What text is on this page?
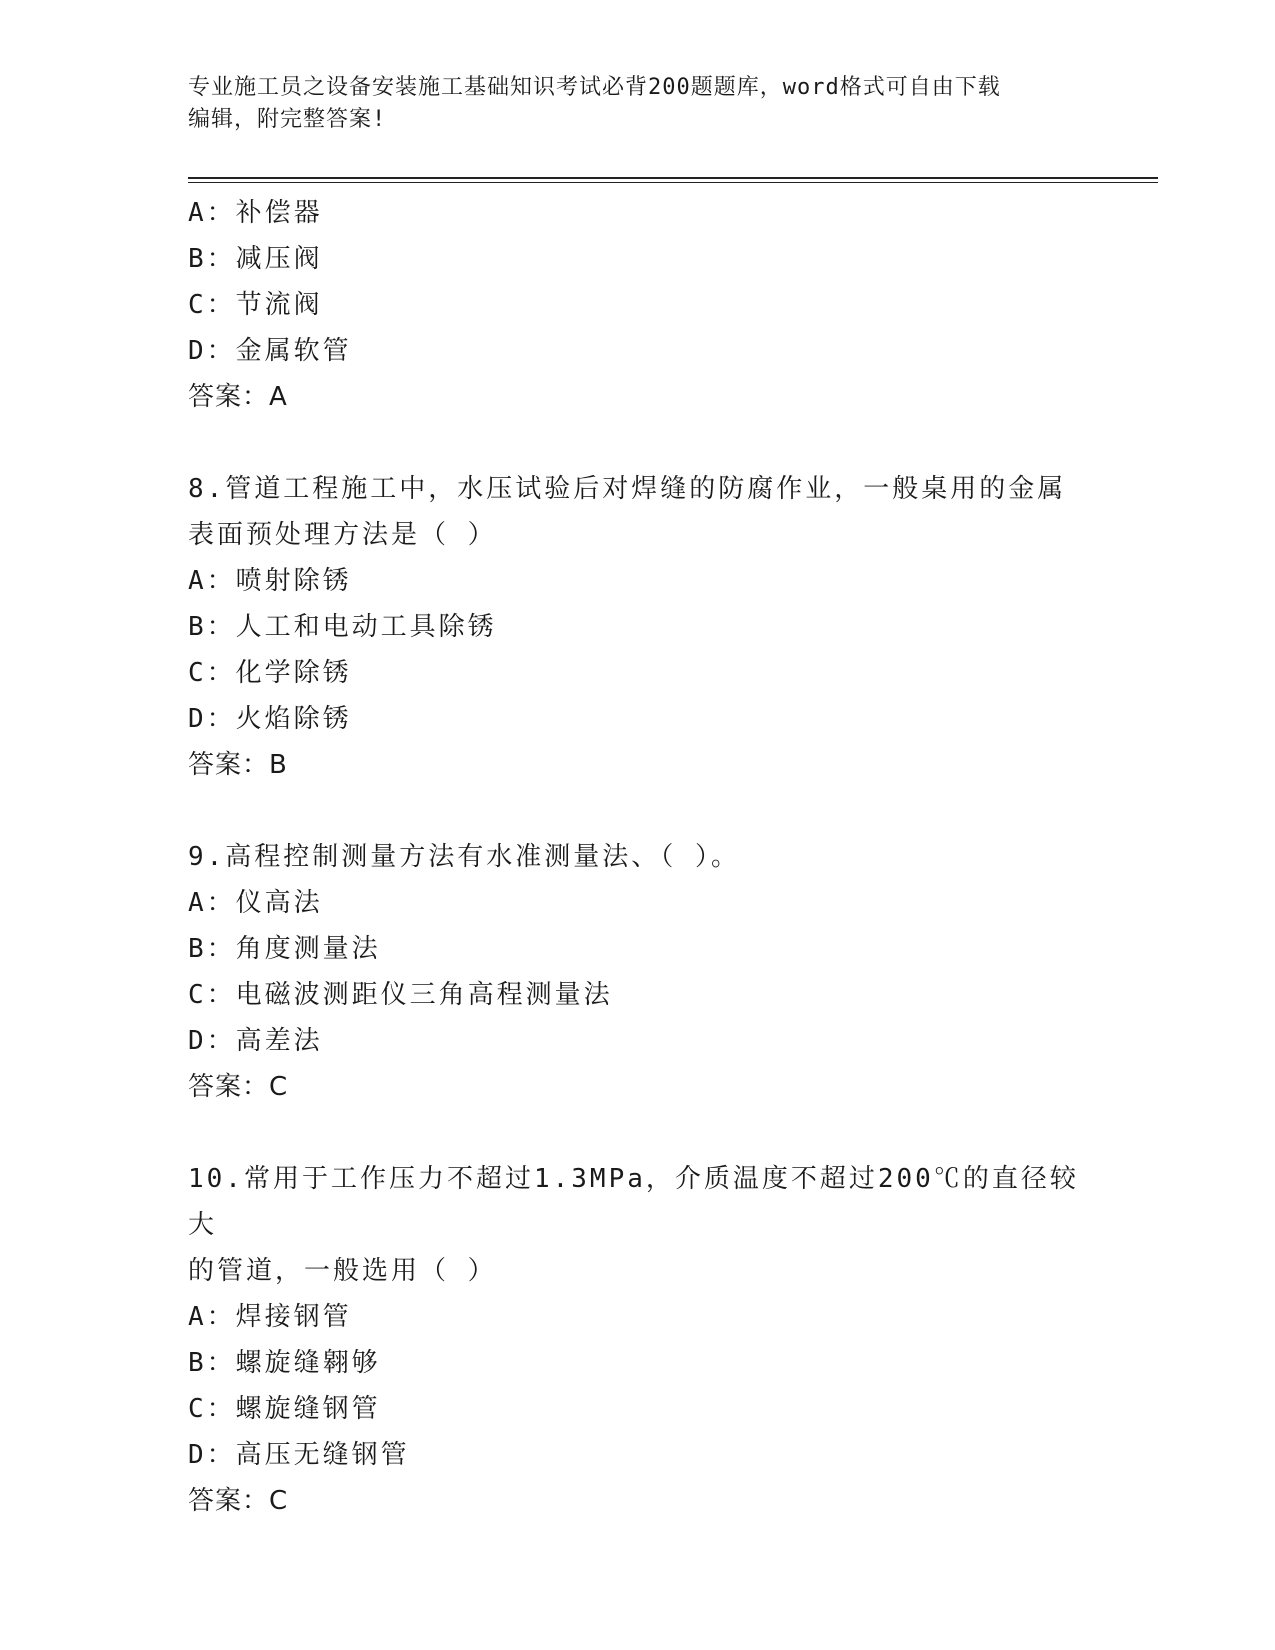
专业施工员之设备安装施工基础知识考试必背200题题库，word格式可自由下载
编辑，附完整答案!
A：补偿器
B：减压阀
C：节流阀
D：金属软管
答案：A
8.管道工程施工中，水压试验后对焊缝的防腐作业，一般桌用的金属
表面预处理方法是（ ）
A：喷射除锈
B：人工和电动工具除锈
C：化学除锈
D：火焰除锈
答案：B
9.高程控制测量方法有水准测量法、（ ）。
A：仪高法
B：角度测量法
C：电磁波测距仪三角高程测量法
D：高差法
答案：C
10.常用于工作压力不超过1.3MPa，介质温度不超过200℃的直径较大
的管道，一般选用（ ）
A：焊接钢管
B：螺旋缝翱够
C：螺旋缝钢管
D：高压无缝钢管
答案：C
